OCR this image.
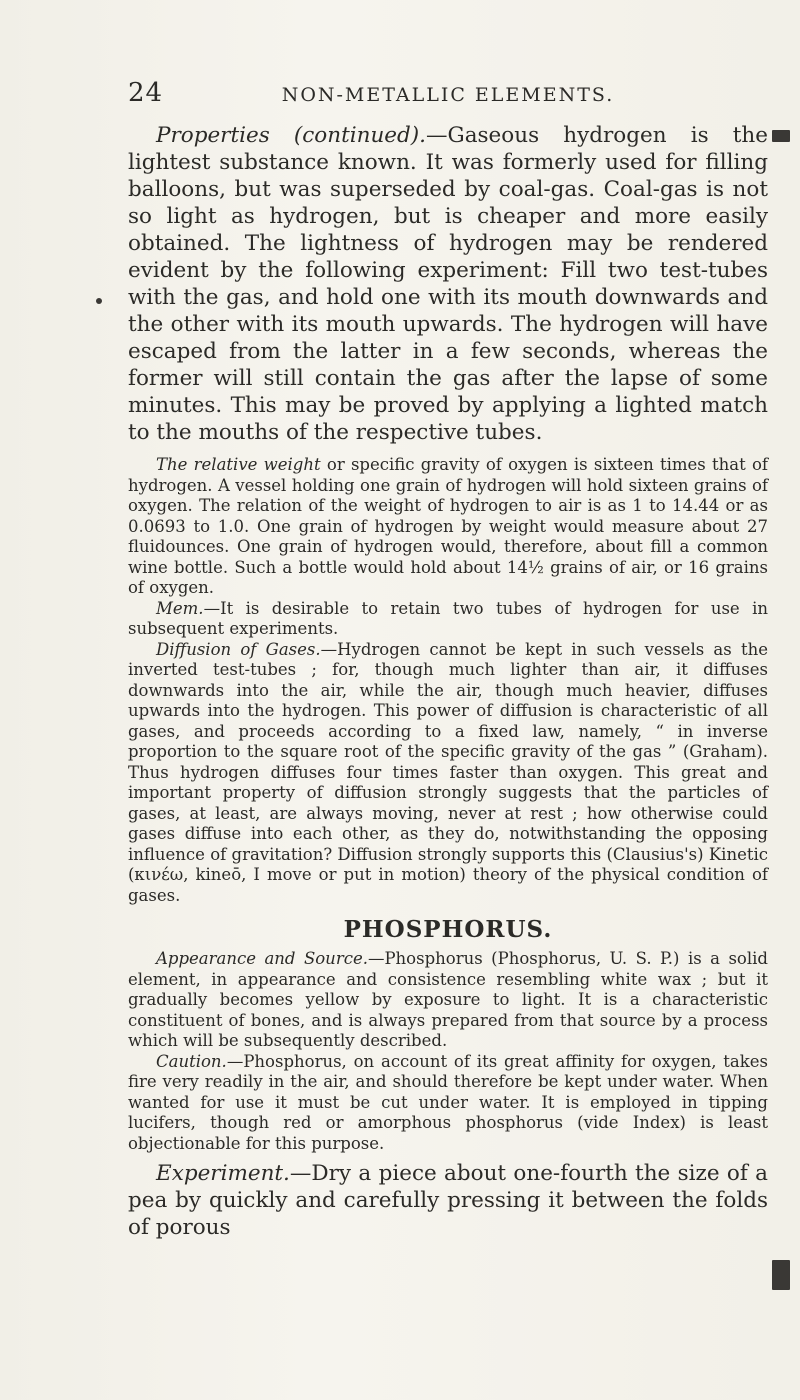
24	NON-METALLIC ELEMENTS.

Properties (continued).—Gaseous hydrogen is the lightest substance known. It was formerly used for filling balloons, but was superseded by coal-gas. Coal-gas is not so light as hydrogen, but is cheaper and more easily obtained. The lightness of hydrogen may be rendered evident by the following experiment: Fill two test-tubes with the gas, and hold one with its mouth downwards and the other with its mouth upwards. The hydrogen will have escaped from the latter in a few seconds, whereas the former will still contain the gas after the lapse of some minutes. This may be proved by applying a lighted match to the mouths of the respective tubes.

The relative weight or specific gravity of oxygen is sixteen times that of hydrogen. A vessel holding one grain of hydrogen will hold sixteen grains of oxygen. The relation of the weight of hydrogen to air is as 1 to 14.44 or as 0.0693 to 1.0. One grain of hydrogen by weight would measure about 27 fluidounces. One grain of hydrogen would, therefore, about fill a common wine bottle. Such a bottle would hold about 14½ grains of air, or 16 grains of oxygen.

Mem.—It is desirable to retain two tubes of hydrogen for use in subsequent experiments.

Diffusion of Gases.—Hydrogen cannot be kept in such vessels as the inverted test-tubes ; for, though much lighter than air, it diffuses downwards into the air, while the air, though much heavier, diffuses upwards into the hydrogen. This power of diffusion is characteristic of all gases, and proceeds according to a fixed law, namely, “ in inverse proportion to the square root of the specific gravity of the gas ” (Graham). Thus hydrogen diffuses four times faster than oxygen. This great and important property of diffusion strongly suggests that the particles of gases, at least, are always moving, never at rest ; how otherwise could gases diffuse into each other, as they do, notwithstanding the opposing influence of gravitation? Diffusion strongly supports this (Clausius's) Kinetic (κινέω, kineō, I move or put in motion) theory of the physical condition of gases.

PHOSPHORUS.

Appearance and Source.—Phosphorus (Phosphorus, U. S. P.) is a solid element, in appearance and consistence resembling white wax ; but it gradually becomes yellow by exposure to light. It is a characteristic constituent of bones, and is always prepared from that source by a process which will be subsequently described.

Caution.—Phosphorus, on account of its great affinity for oxygen, takes fire very readily in the air, and should therefore be kept under water. When wanted for use it must be cut under water. It is employed in tipping lucifers, though red or amorphous phosphorus (vide Index) is least objectionable for this purpose.

Experiment.—Dry a piece about one-fourth the size of a pea by quickly and carefully pressing it between the folds of porous
